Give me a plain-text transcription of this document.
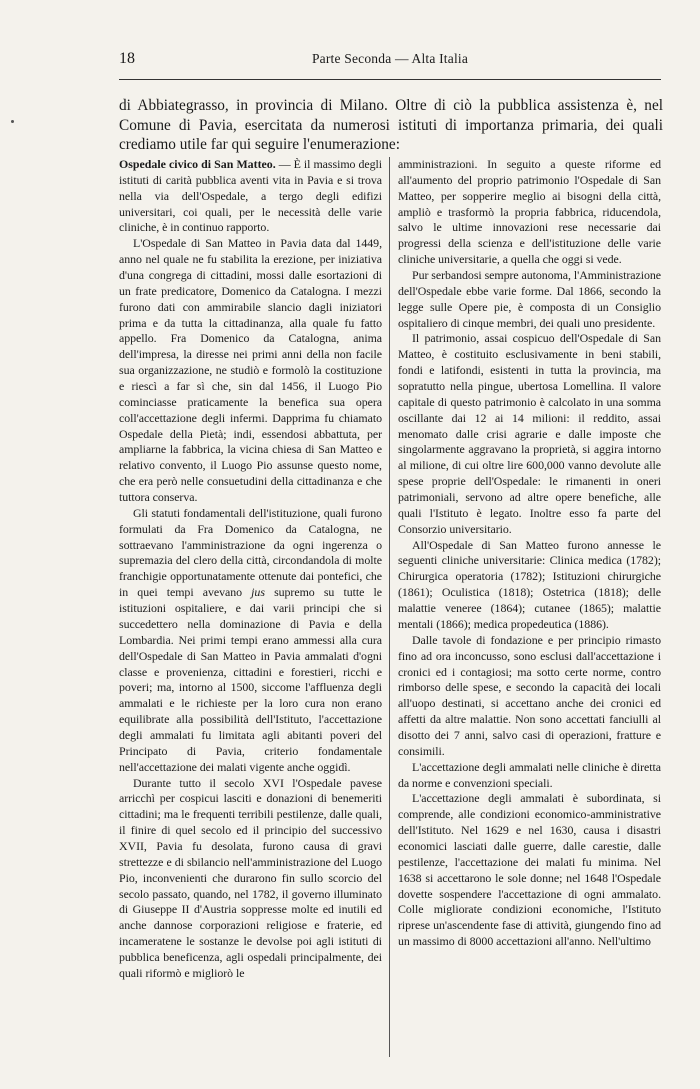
18	Parte Seconda — Alta Italia

di Abbiategrasso, in provincia di Milano. Oltre di ciò la pubblica assistenza è, nel Comune di Pavia, esercitata da numerosi istituti di importanza primaria, dei quali crediamo utile far qui seguire l'enumerazione:

Ospedale civico di San Matteo. — È il massimo degli istituti di carità pubblica aventi vita in Pavia e si trova nella via dell'Ospedale, a tergo degli edifizi universitari, coi quali, per le necessità delle varie cliniche, è in continuo rapporto.

L'Ospedale di San Matteo in Pavia data dal 1449, anno nel quale ne fu stabilita la erezione, per iniziativa d'una congrega di cittadini, mossi dalle esortazioni di un frate predicatore, Domenico da Catalogna. I mezzi furono dati con ammirabile slancio dagli iniziatori prima e da tutta la cittadinanza, alla quale fu fatto appello. Fra Domenico da Catalogna, anima dell'impresa, la diresse nei primi anni della non facile sua organizzazione, ne studiò e formolò la costituzione e riescì a far sì che, sin dal 1456, il Luogo Pio cominciasse praticamente la benefica sua opera coll'accettazione degli infermi. Dapprima fu chiamato Ospedale della Pietà; indi, essendosi abbattuta, per ampliarne la fabbrica, la vicina chiesa di San Matteo e relativo convento, il Luogo Pio assunse questo nome, che era però nelle consuetudini della cittadinanza e che tuttora conserva.

Gli statuti fondamentali dell'istituzione, quali furono formulati da Fra Domenico da Catalogna, ne sottraevano l'amministrazione da ogni ingerenza o supremazia del clero della città, circondandola di molte franchigie opportunatamente ottenute dai pontefici, che in quei tempi avevano jus supremo su tutte le istituzioni ospitaliere, e dai varii principi che si succedettero nella dominazione di Pavia e della Lombardia. Nei primi tempi erano ammessi alla cura dell'Ospedale di San Matteo in Pavia ammalati d'ogni classe e provenienza, cittadini e forestieri, ricchi e poveri; ma, intorno al 1500, siccome l'affluenza degli ammalati e le richieste per la loro cura non erano equilibrate alla possibilità dell'Istituto, l'accettazione degli ammalati fu limitata agli abitanti poveri del Principato di Pavia, criterio fondamentale nell'accettazione dei malati vigente anche oggidì.

Durante tutto il secolo XVI l'Ospedale pavese arricchì per cospicui lasciti e donazioni di benemeriti cittadini; ma le frequenti terribili pestilenze, dalle quali, il finire di quel secolo ed il principio del successivo XVII, Pavia fu desolata, furono causa di gravi strettezze e di sbilancio nell'amministrazione del Luogo Pio, inconvenienti che durarono fin sullo scorcio del secolo passato, quando, nel 1782, il governo illuminato di Giuseppe II d'Austria soppresse molte ed inutili ed anche dannose corporazioni religiose e fraterie, ed incameratene le sostanze le devolse poi agli istituti di pubblica beneficenza, agli ospedali principalmente, dei quali riformò e migliorò le

amministrazioni. In seguito a queste riforme ed all'aumento del proprio patrimonio l'Ospedale di San Matteo, per sopperire meglio ai bisogni della città, ampliò e trasformò la propria fabbrica, riducendola, salvo le ultime innovazioni rese necessarie dai progressi della scienza e dell'istituzione delle varie cliniche universitarie, a quella che oggi si vede.

Pur serbandosi sempre autonoma, l'Amministrazione dell'Ospedale ebbe varie forme. Dal 1866, secondo la legge sulle Opere pie, è composta di un Consiglio ospitaliero di cinque membri, dei quali uno presidente.

Il patrimonio, assai cospicuo dell'Ospedale di San Matteo, è costituito esclusivamente in beni stabili, fondi e latifondi, esistenti in tutta la provincia, ma sopratutto nella pingue, ubertosa Lomellina. Il valore capitale di questo patrimonio è calcolato in una somma oscillante dai 12 ai 14 milioni: il reddito, assai menomato dalle crisi agrarie e dalle imposte che singolarmente aggravano la proprietà, si aggira intorno al milione, di cui oltre lire 600,000 vanno devolute alle spese proprie dell'Ospedale: le rimanenti in oneri patrimoniali, servono ad altre opere benefiche, alle quali l'Istituto è legato. Inoltre esso fa parte del Consorzio universitario.

All'Ospedale di San Matteo furono annesse le seguenti cliniche universitarie: Clinica medica (1782); Chirurgica operatoria (1782); Istituzioni chirurgiche (1861); Oculistica (1818); Ostetrica (1818); delle malattie veneree (1864); cutanee (1865); malattie mentali (1866); medica propedeutica (1886).

Dalle tavole di fondazione e per principio rimasto fino ad ora inconcusso, sono esclusi dall'accettazione i cronici ed i contagiosi; ma sotto certe norme, contro rimborso delle spese, e secondo la capacità dei locali all'uopo destinati, si accettano anche dei cronici ed affetti da altre malattie. Non sono accettati fanciulli al disotto dei 7 anni, salvo casi di operazioni, fratture e consimili.

L'accettazione degli ammalati nelle cliniche è diretta da norme e convenzioni speciali.

L'accettazione degli ammalati è subordinata, si comprende, alle condizioni economico-amministrative dell'Istituto. Nel 1629 e nel 1630, causa i disastri economici lasciati dalle guerre, dalle carestie, dalle pestilenze, l'accettazione dei malati fu minima. Nel 1638 si accettarono le sole donne; nel 1648 l'Ospedale dovette sospendere l'accettazione di ogni ammalato. Colle migliorate condizioni economiche, l'Istituto riprese un'ascendente fase di attività, giungendo fino ad un massimo di 8000 accettazioni all'anno. Nell'ultimo
